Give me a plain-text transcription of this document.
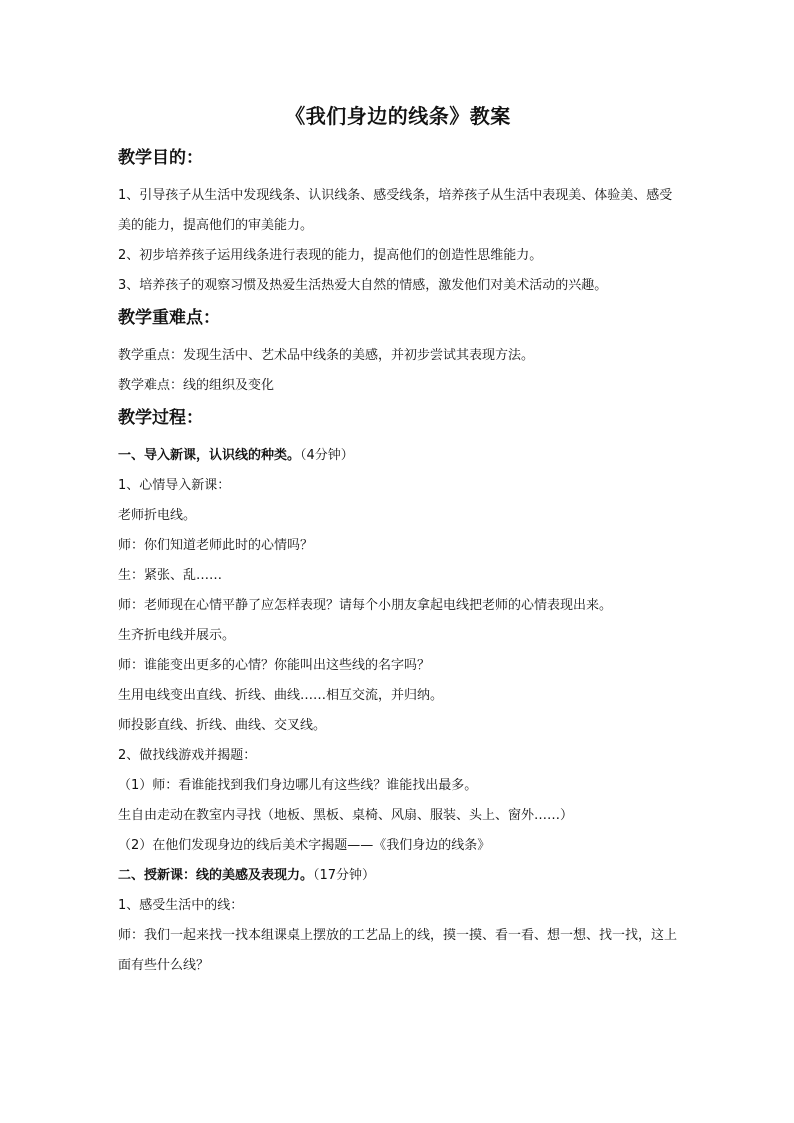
《我们身边的线条》教案
教学目的：

1、引导孩子从生活中发现线条、认识线条、感受线条，培养孩子从生活中表现美、体验美、感受美的能力，提高他们的审美能力。

2、初步培养孩子运用线条进行表现的能力，提高他们的创造性思维能力。

3、培养孩子的观察习惯及热爱生活热爱大自然的情感，激发他们对美术活动的兴趣。

教学重难点：

教学重点：发现生活中、艺术品中线条的美感，并初步尝试其表现方法。

教学难点：线的组织及变化

教学过程：

一、导入新课，认识线的种类。（4分钟）

1、心情导入新课：

老师折电线。

师：你们知道老师此时的心情吗？

生：紧张、乱……

师：老师现在心情平静了应怎样表现？请每个小朋友拿起电线把老师的心情表现出来。

生齐折电线并展示。

师：谁能变出更多的心情？你能叫出这些线的名字吗？

生用电线变出直线、折线、曲线……相互交流，并归纳。

师投影直线、折线、曲线、交叉线。

2、做找线游戏并揭题：

（1）师：看谁能找到我们身边哪儿有这些线？谁能找出最多。

生自由走动在教室内寻找（地板、黑板、桌椅、风扇、服装、头上、窗外……）

（2）在他们发现身边的线后美术字揭题——《我们身边的线条》

二、授新课：线的美感及表现力。（17分钟）

1、感受生活中的线：

师：我们一起来找一找本组课桌上摆放的工艺品上的线，摸一摸、看一看、想一想、找一找，这上面有些什么线？
